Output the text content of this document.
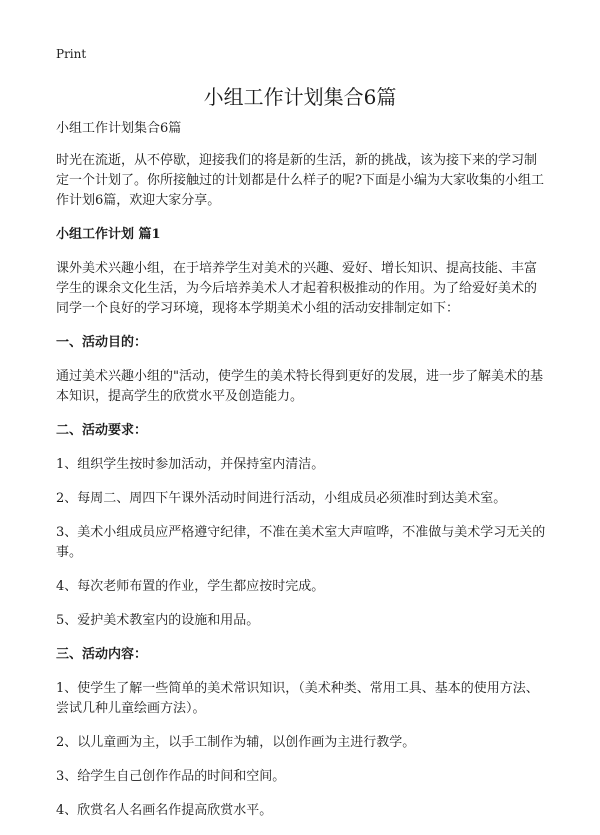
Print
小组工作计划集合6篇

小组工作计划集合6篇

时光在流逝，从不停歇，迎接我们的将是新的生活，新的挑战，该为接下来的学习制定一个计划了。你所接触过的计划都是什么样子的呢?下面是小编为大家收集的小组工作计划6篇，欢迎大家分享。

小组工作计划 篇1

课外美术兴趣小组，在于培养学生对美术的兴趣、爱好、增长知识、提高技能、丰富学生的课余文化生活，为今后培养美术人才起着积极推动的作用。为了给爱好美术的同学一个良好的学习环境，现将本学期美术小组的活动安排制定如下：

一、活动目的：

通过美术兴趣小组的"活动，使学生的美术特长得到更好的发展，进一步了解美术的基本知识，提高学生的欣赏水平及创造能力。

二、活动要求：

1、组织学生按时参加活动，并保持室内清洁。

2、每周二、周四下午课外活动时间进行活动，小组成员必须准时到达美术室。

3、美术小组成员应严格遵守纪律，不准在美术室大声喧哗，不准做与美术学习无关的事。

4、每次老师布置的作业，学生都应按时完成。

5、爱护美术教室内的设施和用品。

三、活动内容：

1、使学生了解一些简单的美术常识知识，（美术种类、常用工具、基本的使用方法、尝试几种儿童绘画方法）。

2、以儿童画为主，以手工制作为辅，以创作画为主进行教学。

3、给学生自己创作作品的时间和空间。

4、欣赏名人名画名作提高欣赏水平。
